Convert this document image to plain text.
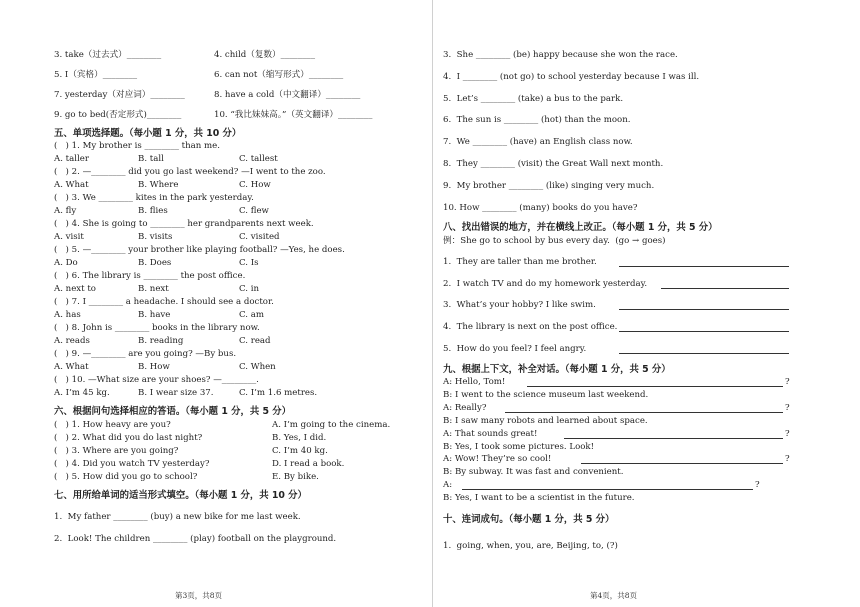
3. take（过去式）________	4. child（复数）________
5. I（宾格）________	6. can not（缩写形式）________
7. yesterday（对应词）________	8. have a cold（中文翻译）________
9. go to bed(否定形式)________	10. “我比妹妹高。”（英文翻译）________
五、单项选择题。（每小题 1 分，共 10 分）
(   ) 1. My brother is ________ than me.
A. taller	B. tall	C. tallest
(   ) 2. —________ did you go last weekend? —I went to the zoo.
A. What	B. Where	C. How
(   ) 3. We ________ kites in the park yesterday.
A. fly	B. flies	C. flew
(   ) 4. She is going to ________ her grandparents next week.
A. visit	B. visits	C. visited
(   ) 5. —________ your brother like playing football? —Yes, he does.
A. Do	B. Does	C. Is
(   ) 6. The library is ________ the post office.
A. next to	B. next	C. in
(   ) 7. I ________ a headache. I should see a doctor.
A. has	B. have	C. am
(   ) 8. John is ________ books in the library now.
A. reads	B. reading	C. read
(   ) 9. —________ are you going? —By bus.
A. What	B. How	C. When
(   ) 10. —What size are your shoes? —________.
A. I’m 45 kg.	B. I wear size 37.	C. I’m 1.6 metres.
六、根据问句选择相应的答语。（每小题 1 分，共 5 分）
(   ) 1. How heavy are you?	A. I’m going to the cinema.
(   ) 2. What did you do last night?	B. Yes, I did.
(   ) 3. Where are you going?	C. I’m 40 kg.
(   ) 4. Did you watch TV yesterday?	D. I read a book.
(   ) 5. How did you go to school?	E. By bike.
七、用所给单词的适当形式填空。（每小题 1 分，共 10 分）
1.  My father ________ (buy) a new bike for me last week.
2.  Look! The children ________ (play) football on the playground.
3.  She ________ (be) happy because she won the race.
4.  I ________ (not go) to school yesterday because I was ill.
5.  Let’s ________ (take) a bus to the park.
6.  The sun is ________ (hot) than the moon.
7.  We ________ (have) an English class now.
8.  They ________ (visit) the Great Wall next month.
9.  My brother ________ (like) singing very much.
10. How ________ (many) books do you have?
八、找出错误的地方，并在横线上改正。（每小题 1 分，共 5 分）
例：She go to school by bus every day.  (go → goes)
1.  They are taller than me brother.
2.  I watch TV and do my homework yesterday.
3.  What’s your hobby? I like swim.
4.  The library is next on the post office.
5.  How do you feel? I feel angry.
九、根据上下文，补全对话。（每小题 1 分，共 5 分）
A: Hello, Tom!	?
B: I went to the science museum last weekend.
A: Really?	?
B: I saw many robots and learned about space.
A: That sounds great!	?
B: Yes, I took some pictures. Look!
A: Wow! They’re so cool!	?
B: By subway. It was fast and convenient.
A:	?
B: Yes, I want to be a scientist in the future.
十、连词成句。（每小题 1 分，共 5 分）
1.  going, when, you, are, Beijing, to, (?)
第3页，共8页	第4页，共8页
